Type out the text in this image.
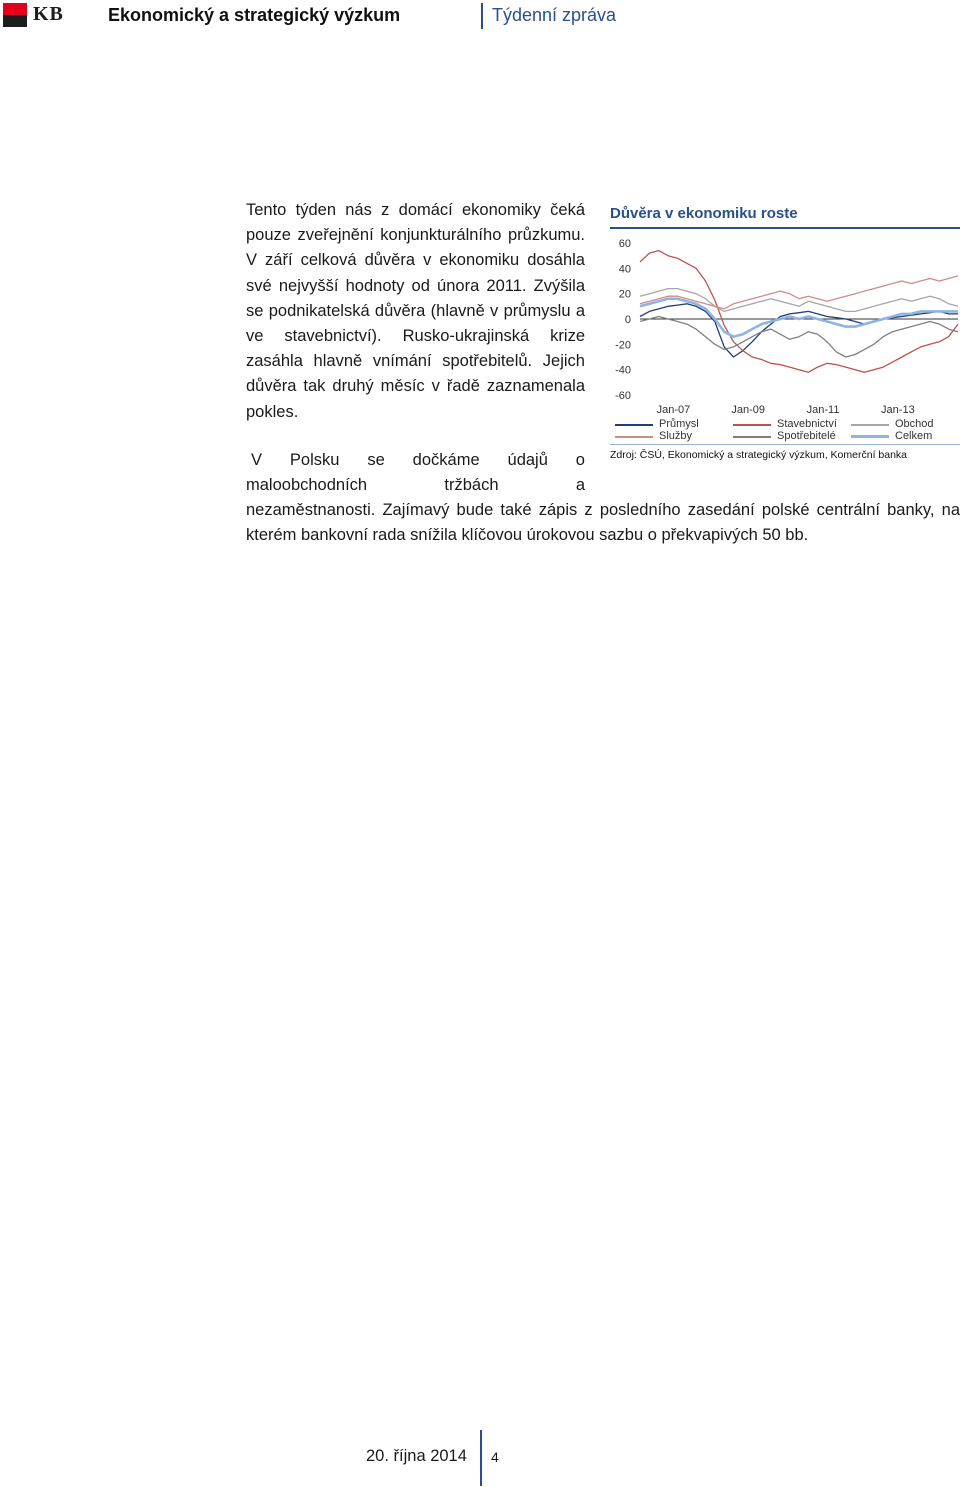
KB Ekonomický a strategický výzkum	Týdenní zpráva
Tento týden nás z domácí ekonomiky čeká pouze zveřejnění konjunkturálního průzkumu. V září celková důvěra v ekonomiku dosáhla své nejvyšší hodnoty od února 2011. Zvýšila se podnikatelská důvěra (hlavně v průmyslu a ve stavebnictví). Rusko-ukrajinská krize zasáhla hlavně vnímání spotřebitelů. Jejich důvěra tak druhý měsíc v řadě zaznamenala pokles.
V Polsku se dočkáme údajů o maloobchodních tržbách a
nezaměstnanosti. Zajímavý bude také zápis z posledního zasedání polské centrální banky, na kterém bankovní rada snížila klíčovou úrokovou sazbu o překvapivých 50 bb.
Důvěra v ekonomiku roste
60
40
20
0
-20
-40
-60
Jan-07	Jan-09	Jan-11	Jan-13
Průmysl	Stavebnictví	Obchod
Služby	Spotřebitelé	Celkem
Zdroj: ČSÚ, Ekonomický a strategický výzkum, Komerční banka
20. října 2014 4
